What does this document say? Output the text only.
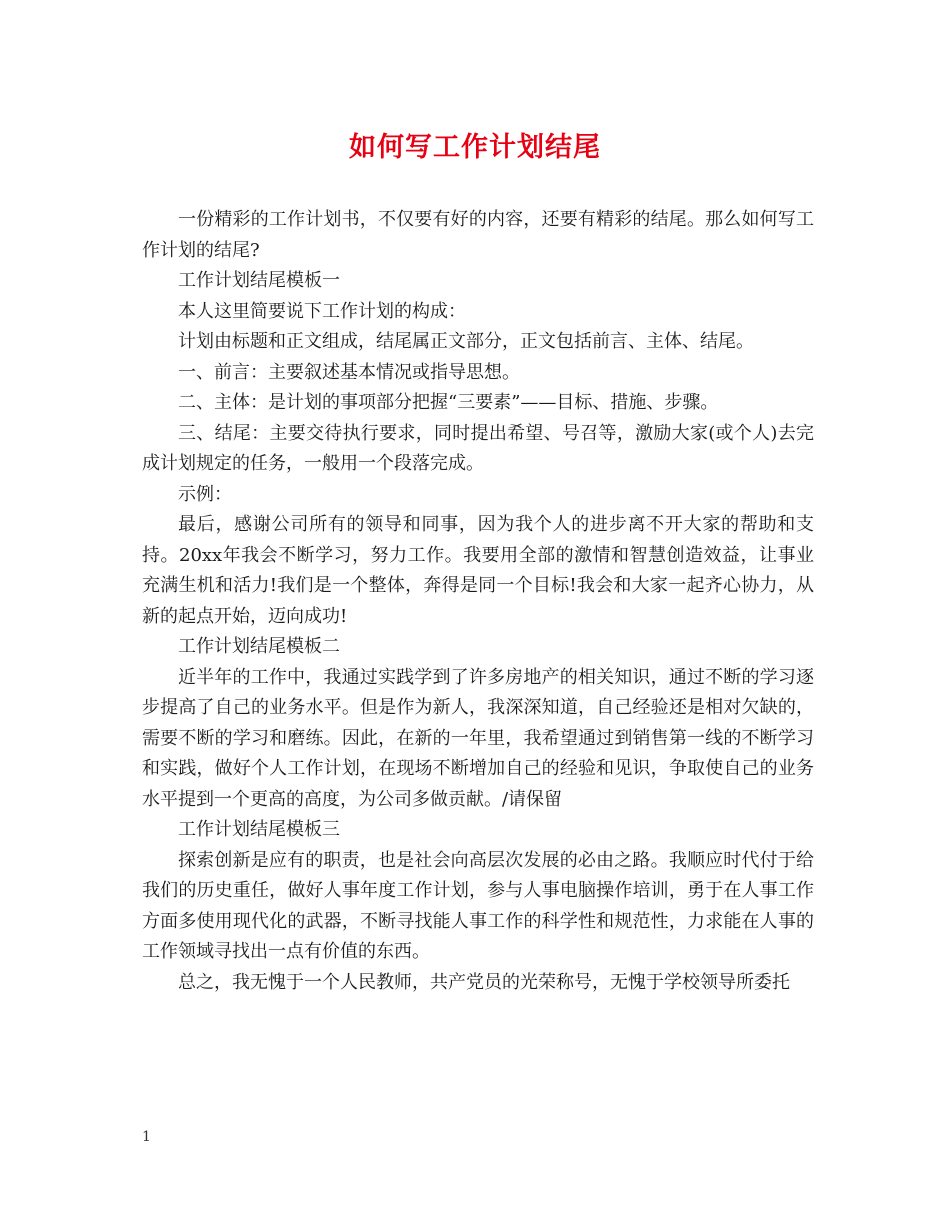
如何写工作计划结尾

一份精彩的工作计划书，不仅要有好的内容，还要有精彩的结尾。那么如何写工作计划的结尾?

工作计划结尾模板一

本人这里简要说下工作计划的构成：

计划由标题和正文组成，结尾属正文部分，正文包括前言、主体、结尾。

一、前言：主要叙述基本情况或指导思想。

二、主体：是计划的事项部分把握“三要素”——目标、措施、步骤。

三、结尾：主要交待执行要求，同时提出希望、号召等，激励大家(或个人)去完成计划规定的任务，一般用一个段落完成。

示例：

最后，感谢公司所有的领导和同事，因为我个人的进步离不开大家的帮助和支持。20xx年我会不断学习，努力工作。我要用全部的激情和智慧创造效益，让事业充满生机和活力!我们是一个整体，奔得是同一个目标!我会和大家一起齐心协力，从新的起点开始，迈向成功!

工作计划结尾模板二

近半年的工作中，我通过实践学到了许多房地产的相关知识，通过不断的学习逐步提高了自己的业务水平。但是作为新人，我深深知道，自己经验还是相对欠缺的，需要不断的学习和磨练。因此，在新的一年里，我希望通过到销售第一线的不断学习和实践，做好个人工作计划，在现场不断增加自己的经验和见识，争取使自己的业务水平提到一个更高的高度，为公司多做贡献。/请保留

工作计划结尾模板三

探索创新是应有的职责，也是社会向高层次发展的必由之路。我顺应时代付于给我们的历史重任，做好人事年度工作计划，参与人事电脑操作培训，勇于在人事工作方面多使用现代化的武器，不断寻找能人事工作的科学性和规范性，力求能在人事的工作领域寻找出一点有价值的东西。

总之，我无愧于一个人民教师，共产党员的光荣称号，无愧于学校领导所委托

1
